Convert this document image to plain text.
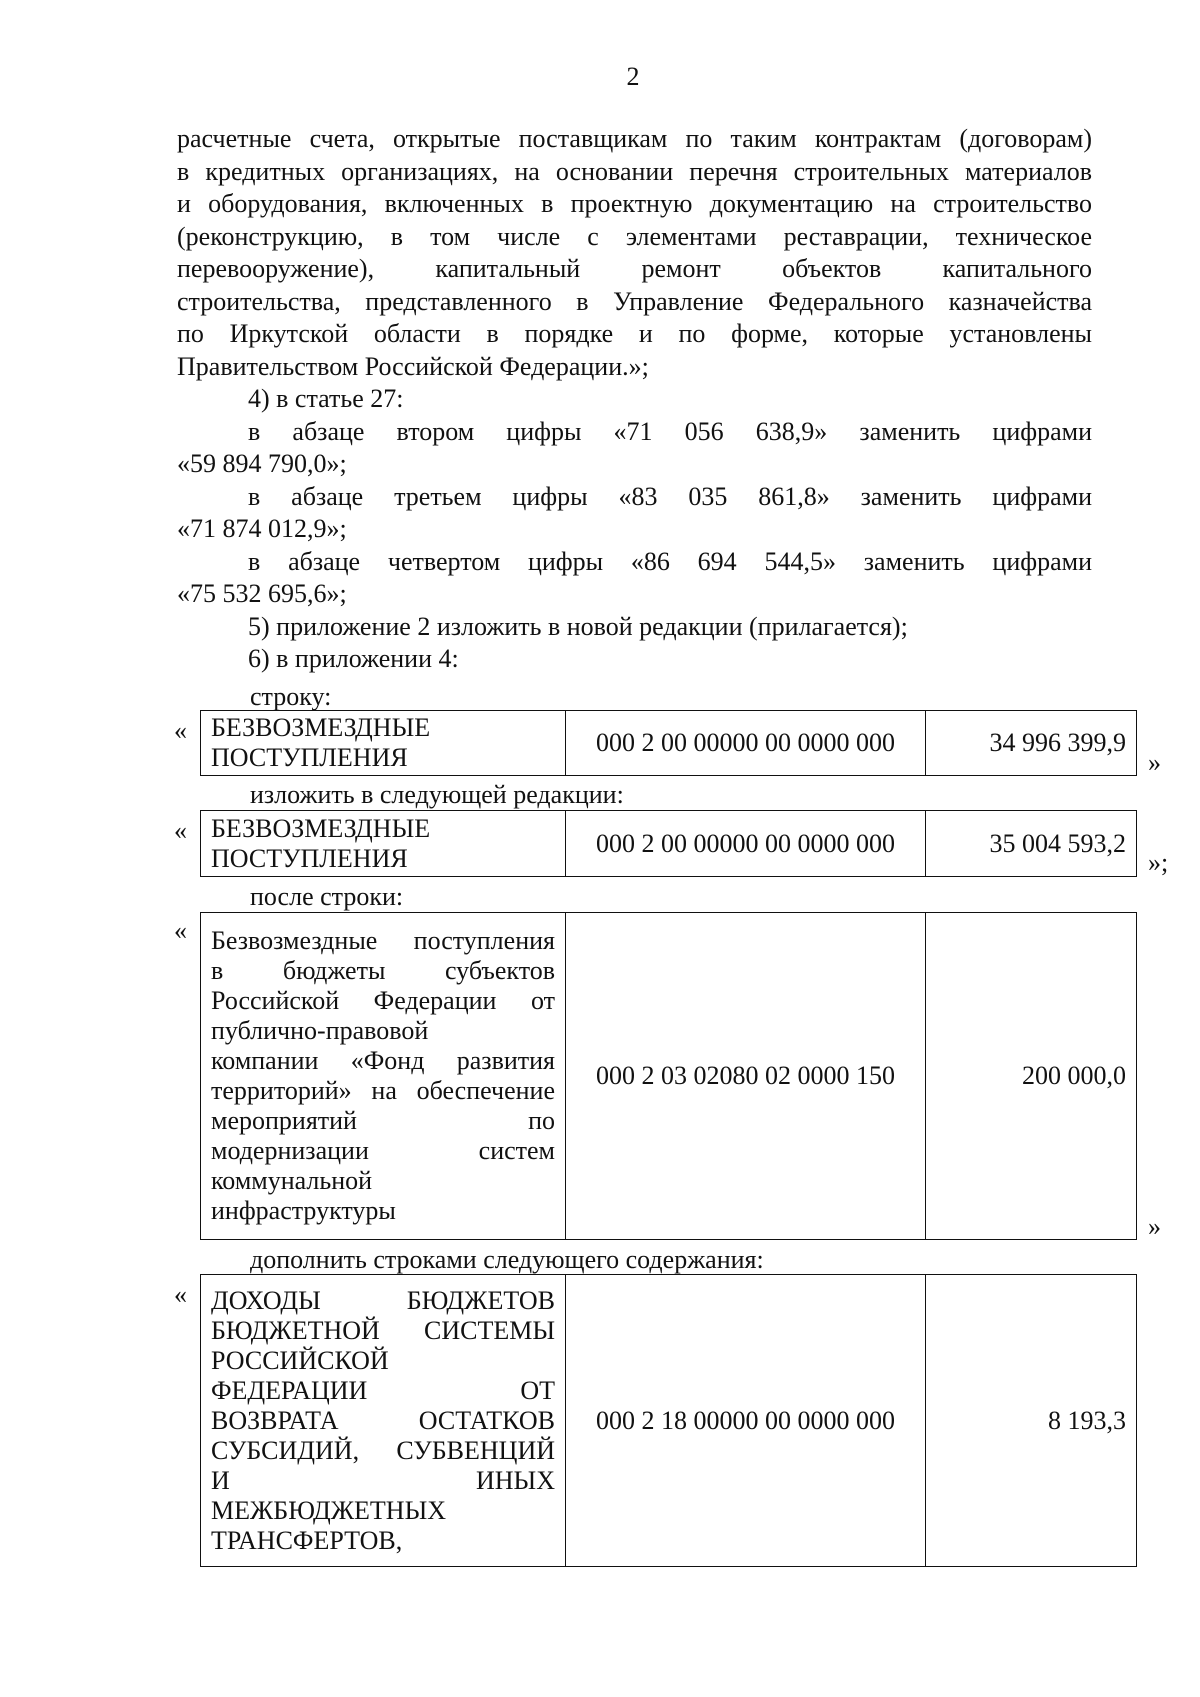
2
расчетные счета, открытые поставщикам по таким контрактам (договорам)
в кредитных организациях, на основании перечня строительных материалов
и оборудования, включенных в проектную документацию на строительство
(реконструкцию, в том числе с элементами реставрации, техническое
перевооружение), капитальный ремонт объектов капитального
строительства, представленного в Управление Федерального казначейства
по Иркутской области в порядке и по форме, которые установлены
Правительством Российской Федерации.»;
4) в статье 27:
в абзаце втором цифры «71 056 638,9» заменить цифрами
«59 894 790,0»;
в абзаце третьем цифры «83 035 861,8» заменить цифрами
«71 874 012,9»;
в абзаце четвертом цифры «86 694 544,5» заменить цифрами
«75 532 695,6»;
5) приложение 2 изложить в новой редакции (прилагается);
6) в приложении 4:
строку:
« БЕЗВОЗМЕЗДНЫЕ
ПОСТУПЛЕНИЯ
	000 2 00 00000 00 0000 000	34 996 399,9
»
изложить в следующей редакции:
« БЕЗВОЗМЕЗДНЫЕ
ПОСТУПЛЕНИЯ
	000 2 00 00000 00 0000 000	35 004 593,2
»;
после строки:
« Безвозмездные поступления
в бюджеты субъектов
Российской Федерации от
публично-правовой
компании «Фонд развития
территорий» на обеспечение
мероприятий по
модернизации систем
коммунальной
инфраструктуры
	000 2 03 02080 02 0000 150	200 000,0
»
дополнить строками следующего содержания:
« ДОХОДЫ БЮДЖЕТОВ
БЮДЖЕТНОЙ СИСТЕМЫ
РОССИЙСКОЙ
ФЕДЕРАЦИИ ОТ
ВОЗВРАТА ОСТАТКОВ
СУБСИДИЙ, СУБВЕНЦИЙ
И ИНЫХ
МЕЖБЮДЖЕТНЫХ
ТРАНСФЕРТОВ,
	000 2 18 00000 00 0000 000	8 193,3
